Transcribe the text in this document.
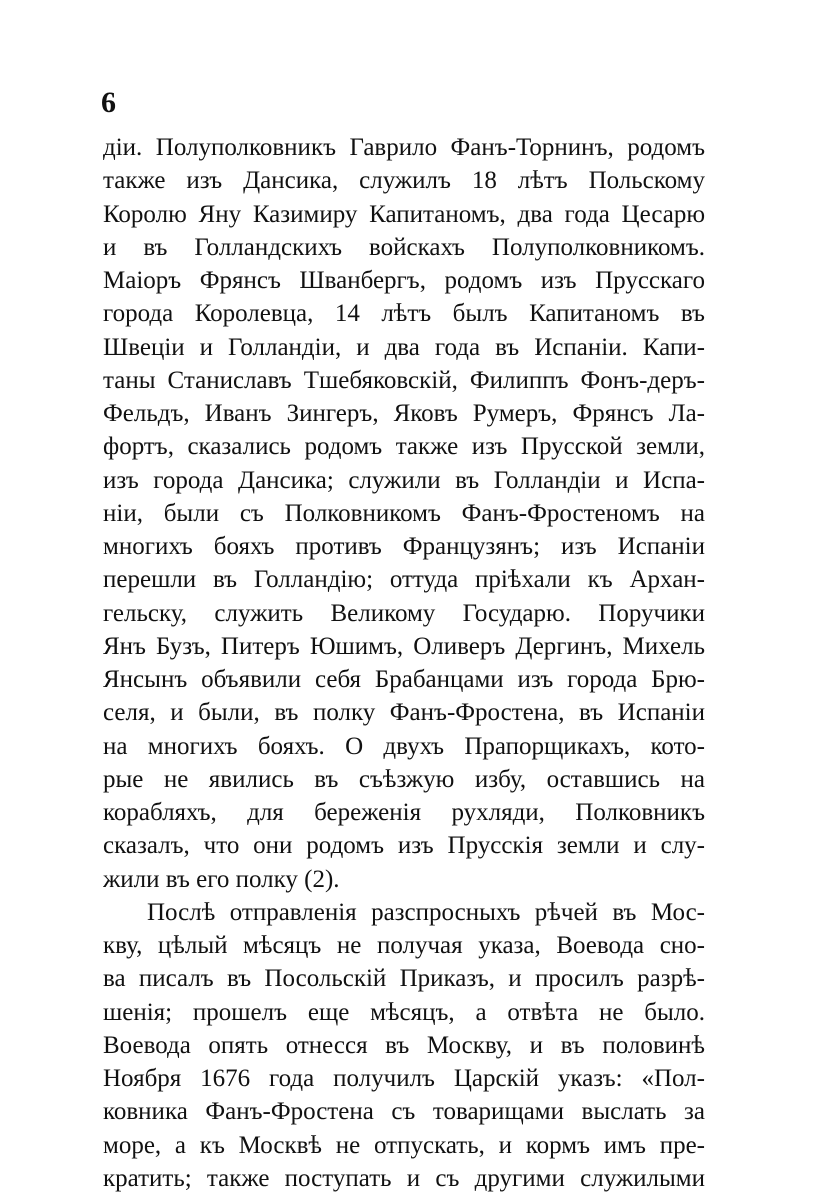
6
діи. Полуполковникъ Гаврило Фанъ-Торнинъ, родомъ
также изъ Дансика, служилъ 18 лѣтъ Польскому
Королю Яну Казимиру Капитаномъ, два года Цесарю
и въ Голландскихъ войскахъ Полуполковникомъ.
Маіоръ Фрянсъ Шванбергъ, родомъ изъ Прусскаго
города Королевца, 14 лѣтъ былъ Капитаномъ въ
Швеціи и Голландіи, и два года въ Испаніи. Капи-
таны Станиславъ Тшебяковскій, Филиппъ Фонъ-деръ-
Фельдъ, Иванъ Зингеръ, Яковъ Румеръ, Фрянсъ Ла-
фортъ, сказались родомъ также изъ Прусской земли,
изъ города Дансика; служили въ Голландіи и Испа-
ніи, были съ Полковникомъ Фанъ-Фростеномъ на
многихъ бояхъ противъ Французянъ; изъ Испаніи
перешли въ Голландію; оттуда пріѣхали къ Архан-
гельску, служить Великому Государю. Поручики
Янъ Бузъ, Питеръ Юшимъ, Оливеръ Дергинъ, Михель
Янсынъ объявили себя Брабанцами изъ города Брю-
селя, и были, въ полку Фанъ-Фростена, въ Испаніи
на многихъ бояхъ. О двухъ Прапорщикахъ, кото-
рые не явились въ съѣзжую избу, оставшись на
корабляхъ, для береженія рухляди, Полковникъ
сказалъ, что они родомъ изъ Прусскія земли и слу-
жили въ его полку (2).
Послѣ отправленія разспросныхъ рѣчей въ Мос-
кву, цѣлый мѣсяцъ не получая указа, Воевода сно-
ва писалъ въ Посольскій Приказъ, и просилъ разрѣ-
шенія; прошелъ еще мѣсяцъ, а отвѣта не было.
Воевода опять отнесся въ Москву, и въ половинѣ
Ноября 1676 года получилъ Царскій указъ: «Пол-
ковника Фанъ-Фростена съ товарищами выслать за
море, а къ Москвѣ не отпускать, и кормъ имъ пре-
кратить; также поступать и съ другими служилыми
